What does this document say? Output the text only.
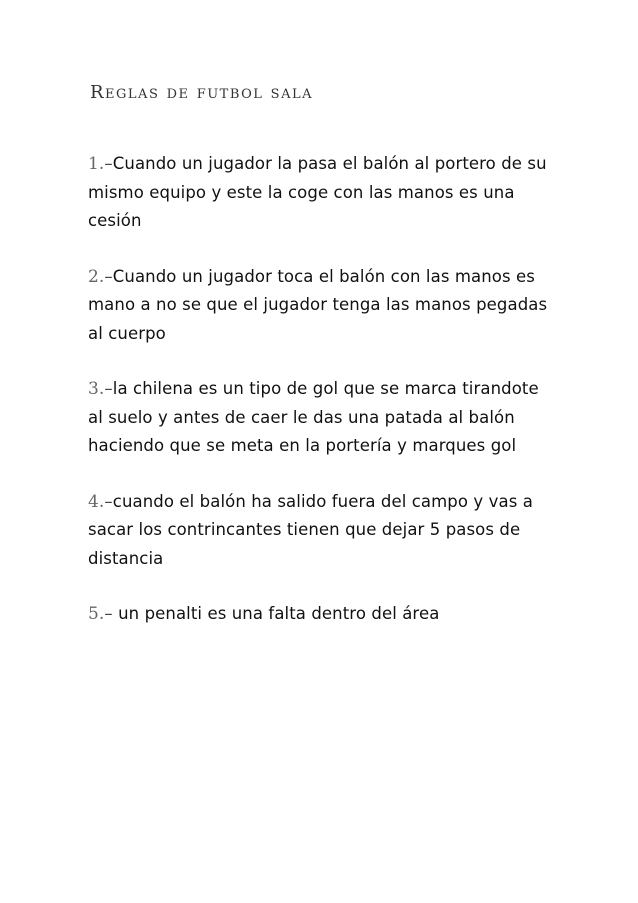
Reglas de futbol sala
1.–Cuando un jugador la pasa el balón al portero de su mismo equipo y este la coge con las manos es una cesión
2.–Cuando un jugador toca el balón con las manos es mano a no se que el jugador tenga las manos pegadas al cuerpo
3.–la chilena es un tipo de gol que se marca tirandote al suelo y antes de caer le das una patada al balón haciendo que se meta en la portería y marques gol
4.–cuando el balón ha salido fuera del campo y vas a sacar los contrincantes tienen que dejar 5 pasos de distancia
5.– un penalti es una falta dentro del área
